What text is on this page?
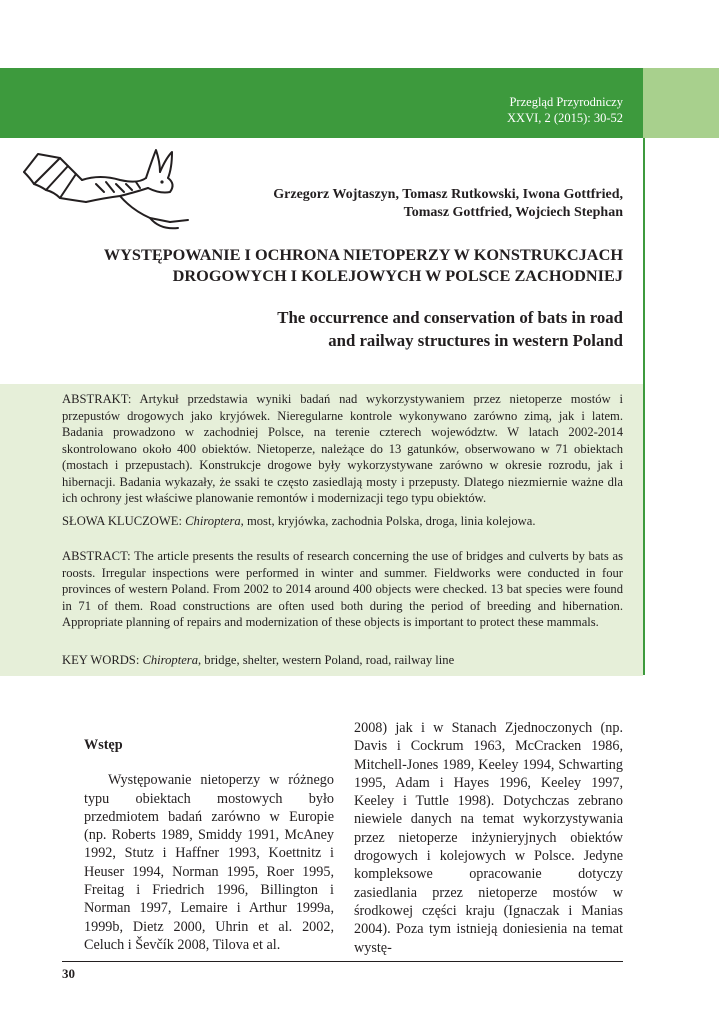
Przegląd Przyrodniczy
XXVI, 2 (2015): 30-52
Grzegorz Wojtaszyn, Tomasz Rutkowski, Iwona Gottfried,
Tomasz Gottfried, Wojciech Stephan
WYSTĘPOWANIE I OCHRONA NIETOPERZY W KONSTRUKCJACH
DROGOWYCH I KOLEJOWYCH W POLSCE ZACHODNIEJ
The occurrence and conservation of bats in road
and railway structures in western Poland
ABSTRAKT: Artykuł przedstawia wyniki badań nad wykorzystywaniem przez nietoperze mostów i przepustów drogowych jako kryjówek. Nieregularne kontrole wykonywano zarówno zimą, jak i latem. Badania prowadzono w zachodniej Polsce, na terenie czterech województw. W latach 2002-2014 skontrolowano około 400 obiektów. Nietoperze, należące do 13 gatunków, obserwowano w 71 obiektach (mostach i przepustach). Konstrukcje drogowe były wykorzystywane zarówno w okresie rozrodu, jak i hibernacji. Badania wykazały, że ssaki te często zasiedlają mosty i przepusty. Dlatego niezmiernie ważne dla ich ochrony jest właściwe planowanie remontów i modernizacji tego typu obiektów.
SŁOWA KLUCZOWE: Chiroptera, most, kryjówka, zachodnia Polska, droga, linia kolejowa.
ABSTRACT: The article presents the results of research concerning the use of bridges and culverts by bats as roosts. Irregular inspections were performed in winter and summer. Fieldworks were conducted in four provinces of western Poland. From 2002 to 2014 around 400 objects were checked. 13 bat species were found in 71 of them. Road constructions are often used both during the period of breeding and hibernation. Appropriate planning of repairs and modernization of these objects is important to protect these mammals.
KEY WORDS: Chiroptera, bridge, shelter, western Poland, road, railway line
Wstęp

Występowanie nietoperzy w różnego typu obiektach mostowych było przedmiotem badań zarówno w Europie (np. Roberts 1989, Smiddy 1991, McAney 1992, Stutz i Haffner 1993, Koettnitz i Heuser 1994, Norman 1995, Roer 1995, Freitag i Friedrich 1996, Billington i Norman 1997, Lemaire i Arthur 1999a, 1999b, Dietz 2000, Uhrin et al. 2002, Celuch i Ševčík 2008, Tilova et al.

2008) jak i w Stanach Zjednoczonych (np. Davis i Cockrum 1963, McCracken 1986, Mitchell-Jones 1989, Keeley 1994, Schwarting 1995, Adam i Hayes 1996, Keeley 1997, Keeley i Tuttle 1998). Dotychczas zebrano niewiele danych na temat wykorzystywania przez nietoperze inżynieryjnych obiektów drogowych i kolejowych w Polsce. Jedyne kompleksowe opracowanie dotyczy zasiedlania przez nietoperze mostów w środkowej części kraju (Ignaczak i Manias 2004). Poza tym istnieją doniesienia na temat wystę-

30
